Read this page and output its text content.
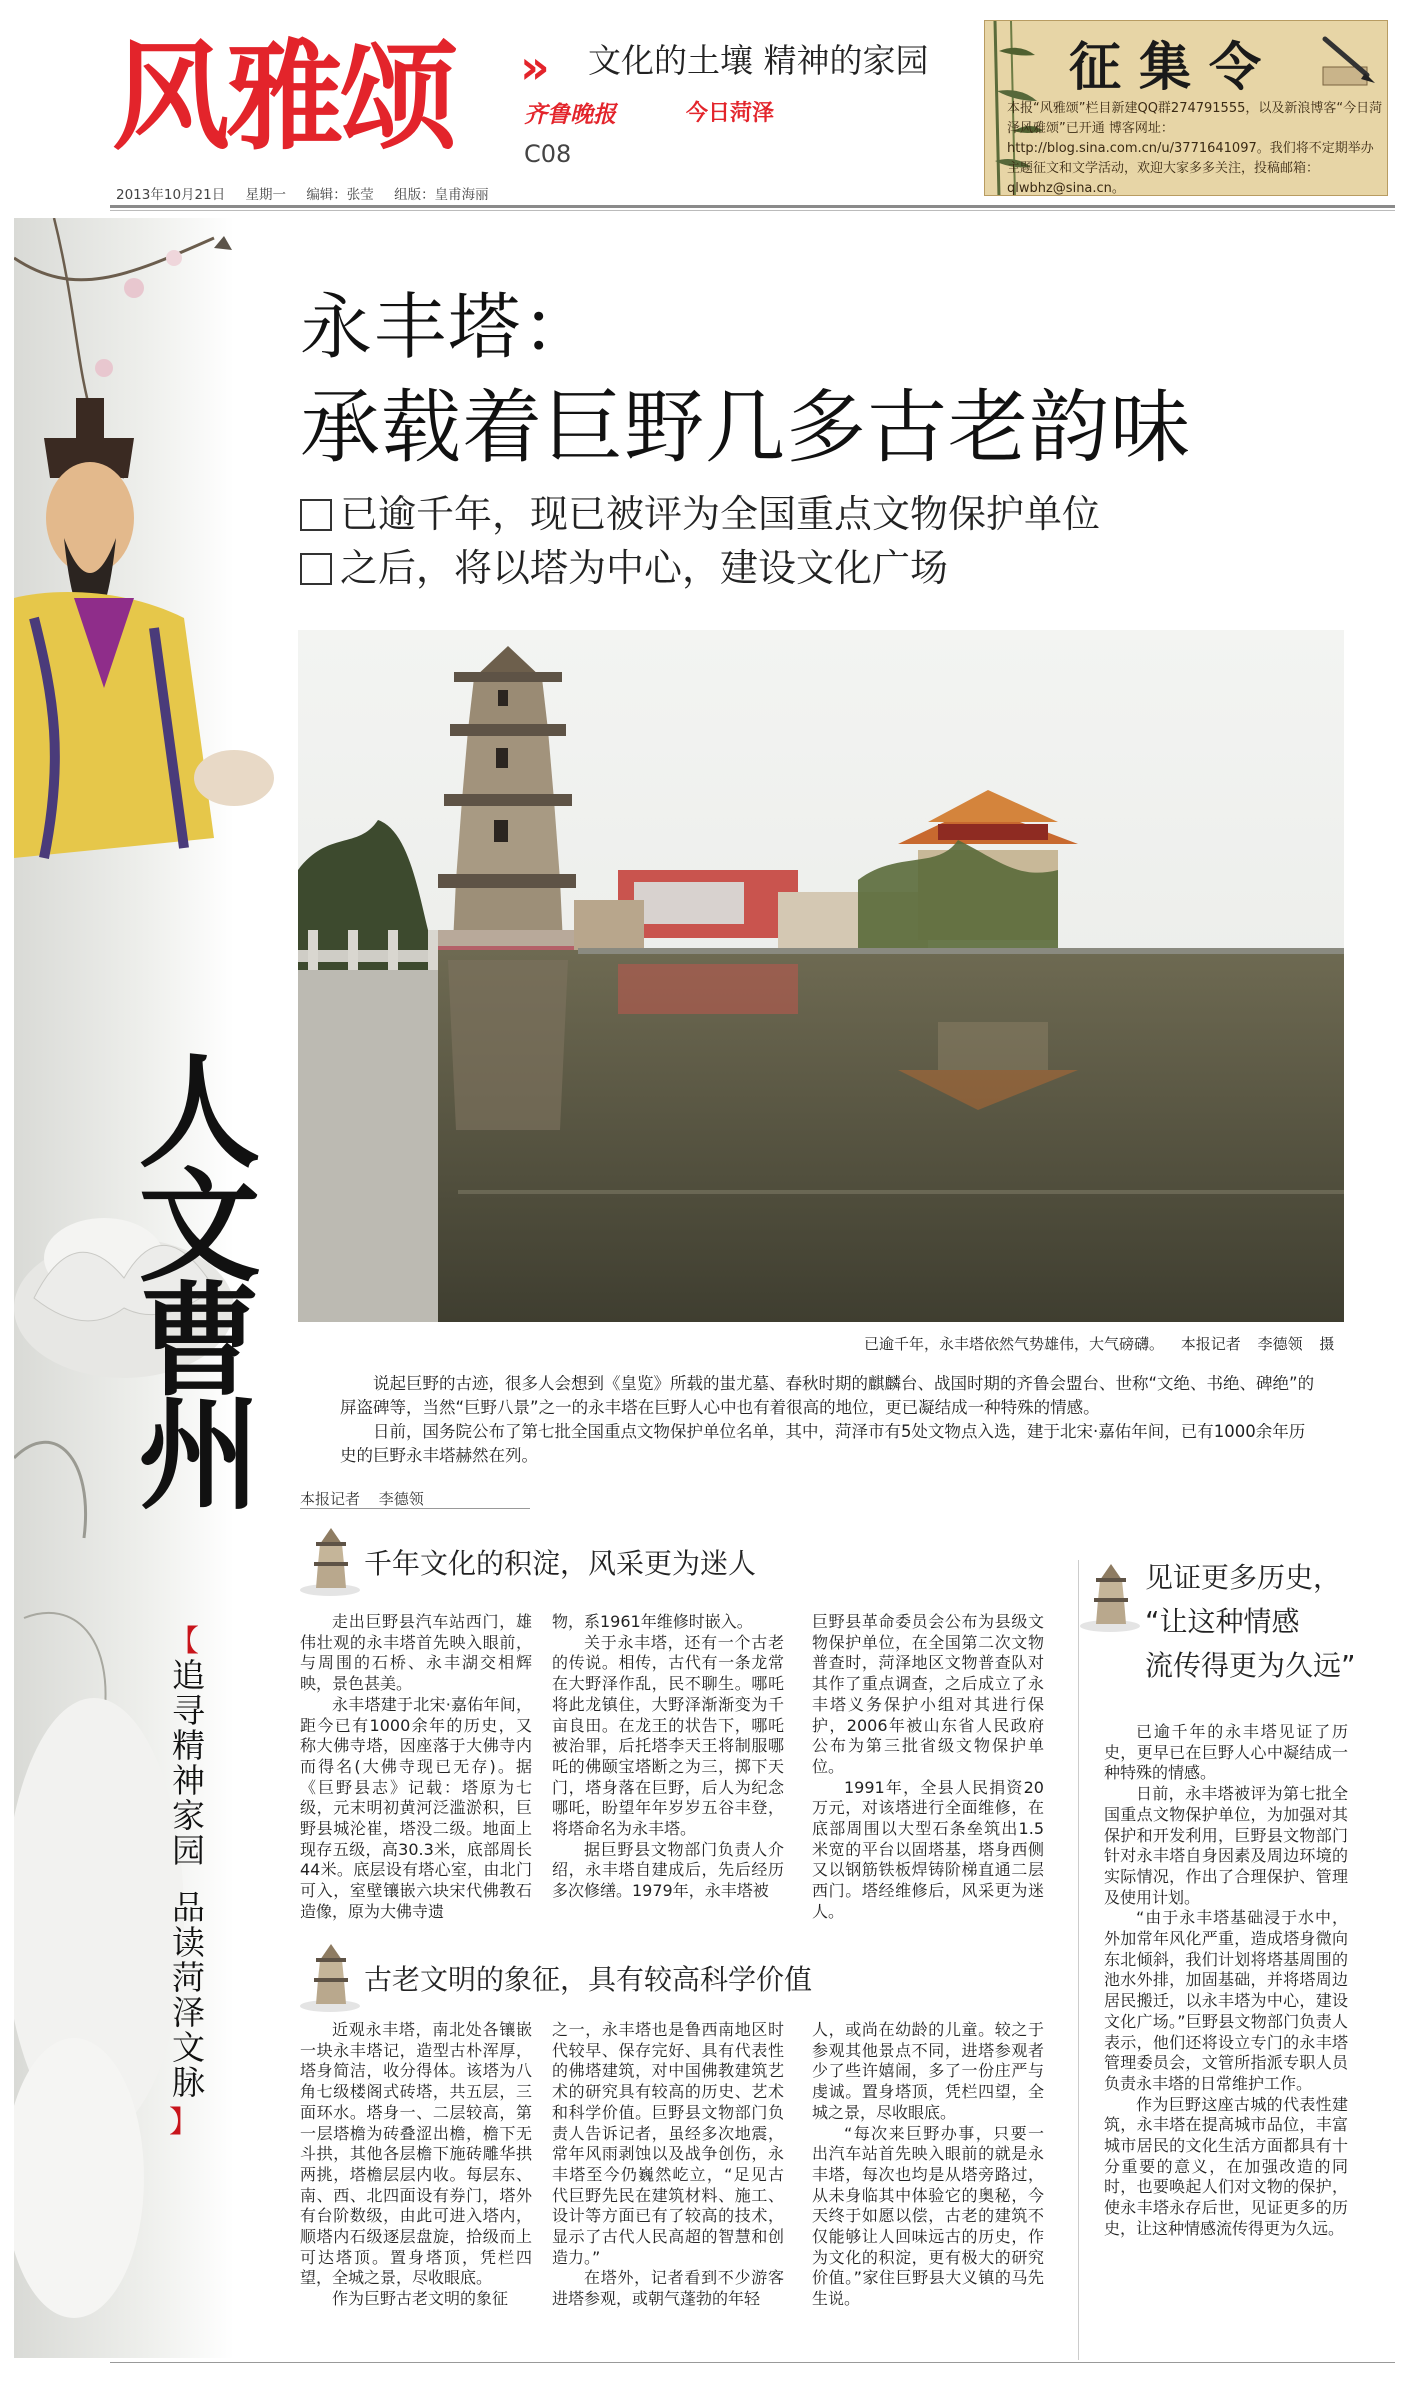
风雅颂 »	文化的土壤 精神的家园
齐鲁晚报	今日菏泽
C08
征集令
本报“风雅颂”栏目新建QQ群274791555，以及新浪博客“今日菏泽风雅颂”已开通 博客网址：http://blog.sina.com.cn/u/3771641097。我们将不定期举办主题征文和文学活动，欢迎大家多多关注，投稿邮箱：qlwbhz@sina.cn。
2013年10月21日 星期一 编辑：张莹 组版：皇甫海丽
人文曹州
【
追寻精神家园品读菏泽文脉
】
永丰塔：
承载着巨野几多古老韵味
已逾千年，现已被评为全国重点文物保护单位
之后，将以塔为中心，建设文化广场
已逾千年，永丰塔依然气势雄伟，大气磅礴。 本报记者 李德领 摄

说起巨野的古迹，很多人会想到《皇览》所载的蚩尤墓、春秋时期的麒麟台、战国时期的齐鲁会盟台、世称“文绝、书绝、碑绝”的屏盗碑等，当然“巨野八景”之一的永丰塔在巨野人心中也有着很高的地位，更已凝结成一种特殊的情感。

日前，国务院公布了第七批全国重点文物保护单位名单，其中，菏泽市有5处文物点入选，建于北宋·嘉佑年间，已有1000余年历史的巨野永丰塔赫然在列。

本报记者 李德领
千年文化的积淀，风采更为迷人

走出巨野县汽车站西门，雄伟壮观的永丰塔首先映入眼前，与周围的石桥、永丰湖交相辉映，景色甚美。

永丰塔建于北宋·嘉佑年间，距今已有1000余年的历史，又称大佛寺塔，因座落于大佛寺内而得名(大佛寺现已无存)。据《巨野县志》记载：塔原为七级，元末明初黄河泛滥淤积，巨野县城沦崔，塔没二级。地面上现存五级，高30.3米，底部周长44米。底层设有塔心室，由北门可入，室壁镶嵌六块宋代佛教石造像，原为大佛寺遗

物，系1961年维修时嵌入。

关于永丰塔，还有一个古老的传说。相传，古代有一条龙常在大野泽作乱，民不聊生。哪吒将此龙镇住，大野泽渐渐变为千亩良田。在龙王的状告下，哪吒被治罪，后托塔李天王将制服哪吒的佛颐宝塔断之为三，掷下天门，塔身落在巨野，后人为纪念哪吒，盼望年年岁岁五谷丰登，将塔命名为永丰塔。

据巨野县文物部门负责人介绍，永丰塔自建成后，先后经历多次修缮。1979年，永丰塔被

巨野县革命委员会公布为县级文物保护单位，在全国第二次文物普查时，菏泽地区文物普查队对其作了重点调查，之后成立了永丰塔义务保护小组对其进行保护，2006年被山东省人民政府公布为第三批省级文物保护单位。

1991年，全县人民捐资20万元，对该塔进行全面维修，在底部周围以大型石条垒筑出1.5米宽的平台以固塔基，塔身西侧又以钢筋铁板焊铸阶梯直通二层西门。塔经维修后，风采更为迷人。

古老文明的象征，具有较高科学价值

近观永丰塔，南北处各镶嵌一块永丰塔记，造型古朴浑厚，塔身简洁，收分得体。该塔为八角七级楼阁式砖塔，共五层，三面环水。塔身一、二层较高，第一层塔檐为砖叠涩出檐，檐下无斗拱，其他各层檐下施砖雕华拱两挑，塔檐层层内收。每层东、南、西、北四面设有券门，塔外有台阶数级，由此可进入塔内，顺塔内石级逐层盘旋，拾级而上可达塔顶。置身塔顶，凭栏四望，全城之景，尽收眼底。

作为巨野古老文明的象征

之一，永丰塔也是鲁西南地区时代较早、保存完好、具有代表性的佛塔建筑，对中国佛教建筑艺术的研究具有较高的历史、艺术和科学价值。巨野县文物部门负责人告诉记者，虽经多次地震，常年风雨剥蚀以及战争创伤，永丰塔至今仍巍然屹立，“足见古代巨野先民在建筑材料、施工、设计等方面已有了较高的技术，显示了古代人民高超的智慧和创造力。”

在塔外，记者看到不少游客进塔参观，或朝气蓬勃的年轻

人，或尚在幼龄的儿童。较之于参观其他景点不同，进塔参观者少了些许嬉闹，多了一份庄严与虔诚。置身塔顶，凭栏四望，全城之景，尽收眼底。

“每次来巨野办事，只要一出汽车站首先映入眼前的就是永丰塔，每次也均是从塔旁路过，从未身临其中体验它的奥秘，今天终于如愿以偿，古老的建筑不仅能够让人回味远古的历史，作为文化的积淀，更有极大的研究价值。”家住巨野县大义镇的马先生说。

见证更多历史，
“让这种情感
流传得更为久远”

已逾千年的永丰塔见证了历史，更早已在巨野人心中凝结成一种特殊的情感。

日前，永丰塔被评为第七批全国重点文物保护单位，为加强对其保护和开发利用，巨野县文物部门针对永丰塔自身因素及周边环境的实际情况，作出了合理保护、管理及使用计划。

“由于永丰塔基础浸于水中，外加常年风化严重，造成塔身微向东北倾斜，我们计划将塔基周围的池水外排，加固基础，并将塔周边居民搬迁，以永丰塔为中心，建设文化广场。”巨野县文物部门负责人表示，他们还将设立专门的永丰塔管理委员会，文管所指派专职人员负责永丰塔的日常维护工作。

作为巨野这座古城的代表性建筑，永丰塔在提高城市品位，丰富城市居民的文化生活方面都具有十分重要的意义，在加强改造的同时，也要唤起人们对文物的保护，使永丰塔永存后世，见证更多的历史，让这种情感流传得更为久远。
